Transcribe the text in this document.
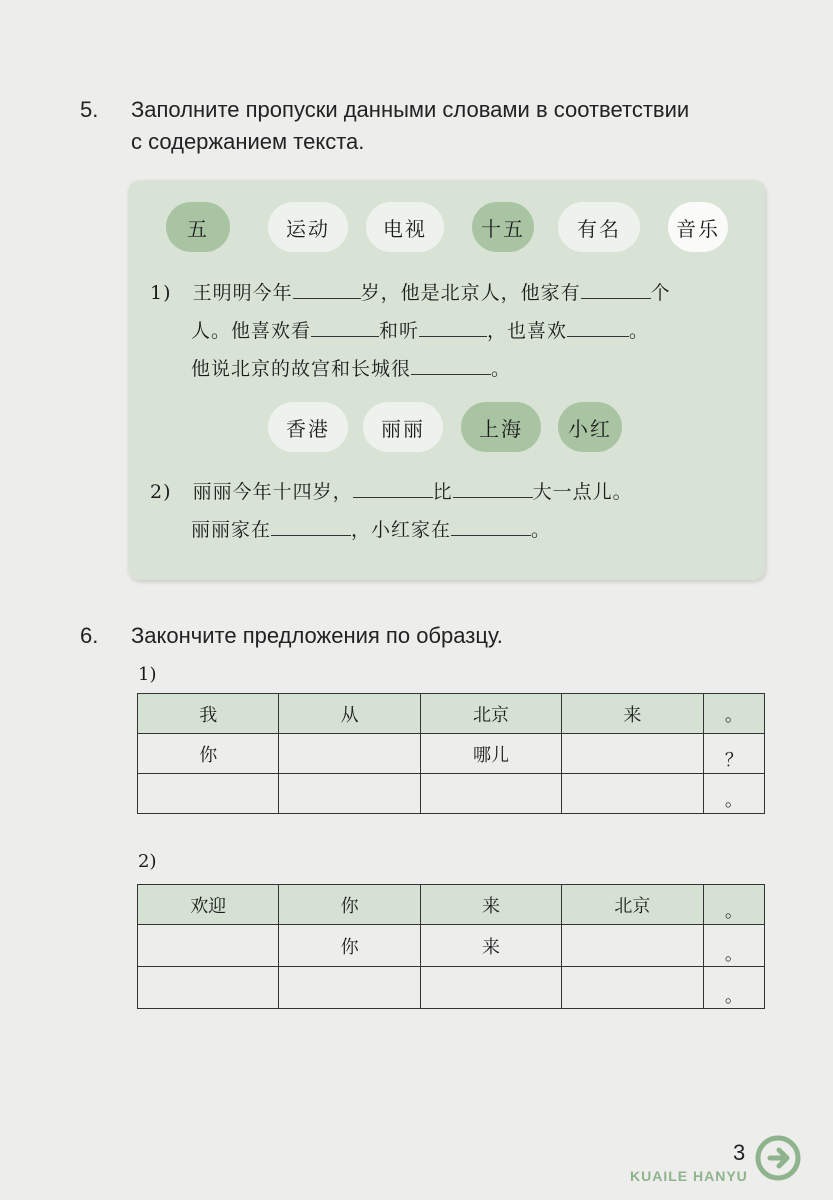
5. Заполните пропуски данными словами в соответствии
с содержанием текста.
五	运动	电视	十五	有名	音乐
1) 王明明今年	岁，他是北京人，他家有	个
人。他喜欢看	和听	，也喜欢	。
他说北京的故宫和长城很	。
香港	丽丽	上海	小红
2) 丽丽今年十四岁，	比	大一点儿。
丽丽家在	，小红家在	。
6. Закончите предложения по образцу.
1)
我	从	北京	来	。
你		哪儿		？
				。
2)
欢迎	你	来	北京	。
	你	来		。
				。
3
KUAILE HANYU
